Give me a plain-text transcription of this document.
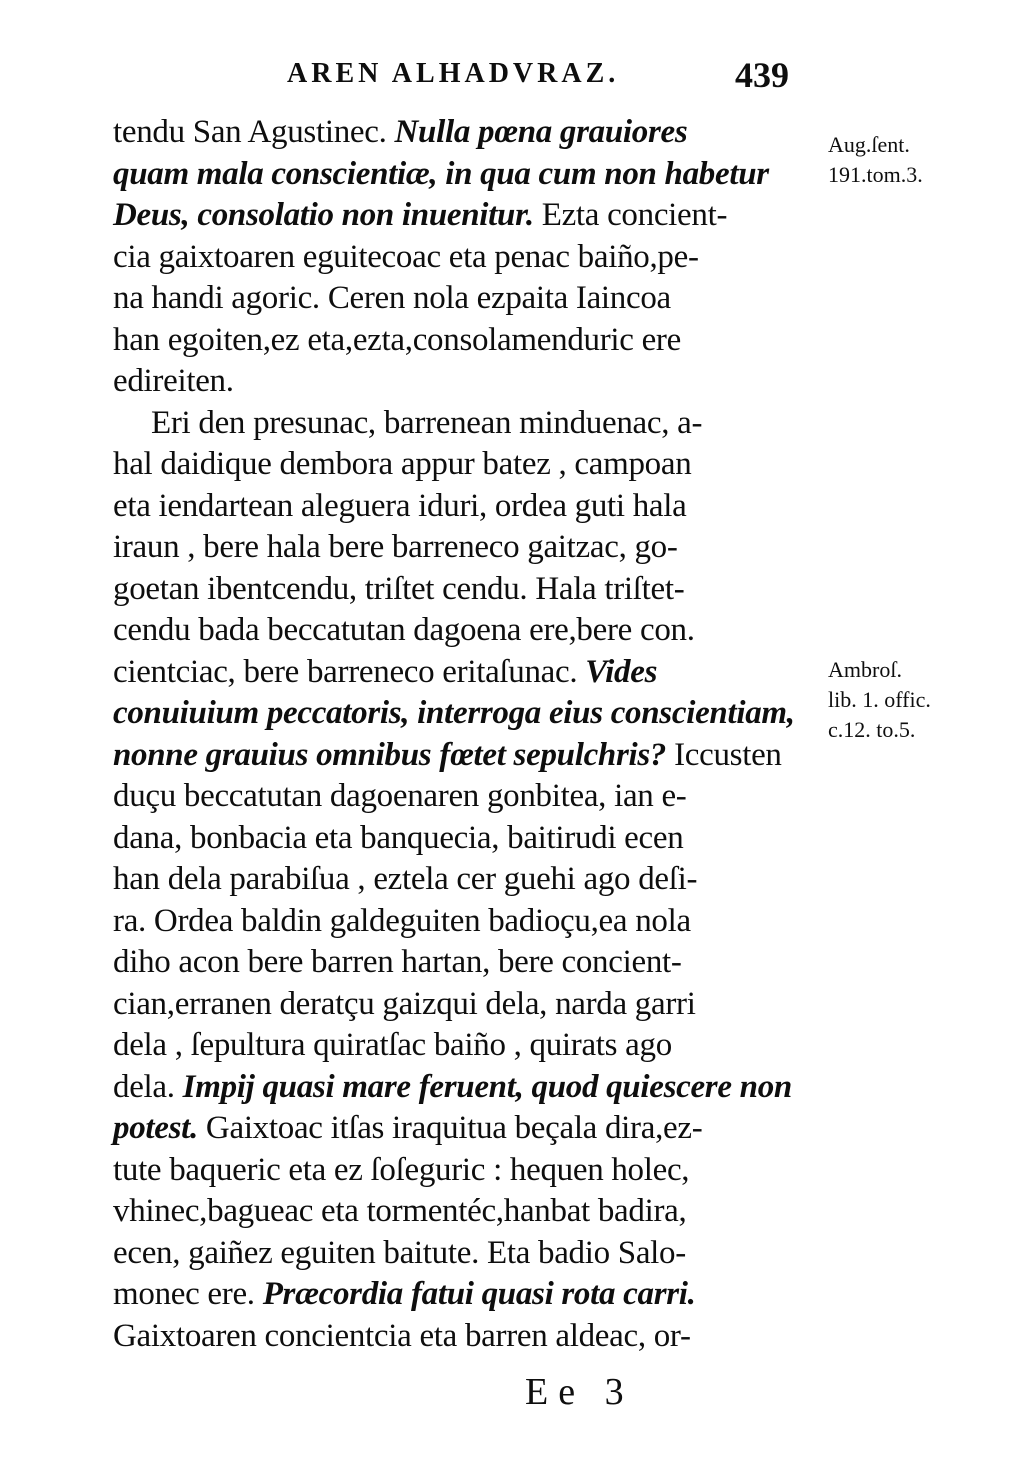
AREN ALHADVRAZ.	439
tendu San Agustinec. Nulla pœna grauiores
quam mala conscientiæ, in qua cum non habetur
Deus, consolatio non inuenitur. Ezta concient-
cia gaixtoaren eguitecoac eta penac baiño,pe-
na handi agoric. Ceren nola ezpaita Iaincoa
han egoiten,ez eta,ezta,consolamenduric ere
edireiten.
Eri den presunac, barrenean minduenac, a-
hal daidique dembora appur batez , campoan
eta iendartean aleguera iduri, ordea guti hala
iraun , bere hala bere barreneco gaitzac, go-
goetan ibentcendu, triſtet cendu. Hala triſtet-
cendu bada beccatutan dagoena ere,bere con.
cientciac, bere barreneco eritaſunac. Vides
conuiuium peccatoris, interroga eius conscientiam,
nonne grauius omnibus fœtet sepulchris? Iccusten
duçu beccatutan dagoenaren gonbitea, ian e-
dana, bonbacia eta banquecia, baitirudi ecen
han dela parabiſua , eztela cer guehi ago deſi-
ra. Ordea baldin galdeguiten badioçu,ea nola
diho acon bere barren hartan, bere concient-
cian,erranen deratçu gaizqui dela, narda garri
dela , ſepultura quiratſac baiño , quirats ago
dela. Impij quasi mare feruent, quod quiescere non
potest. Gaixtoac itſas iraquitua beçala dira,ez-
tute baqueric eta ez ſoſeguric : hequen holec,
vhinec,bagueac eta tormentéc,hanbat badira,
ecen, gaiñez eguiten baitute. Eta badio Salo-
monec ere. Præcordia fatui quasi rota carri.
Gaixtoaren concientcia eta barren aldeac, or-
Aug.ſent.
191.tom.3.
Ambroſ.
lib. 1. offic.
c.12. to.5.
Ee 3
